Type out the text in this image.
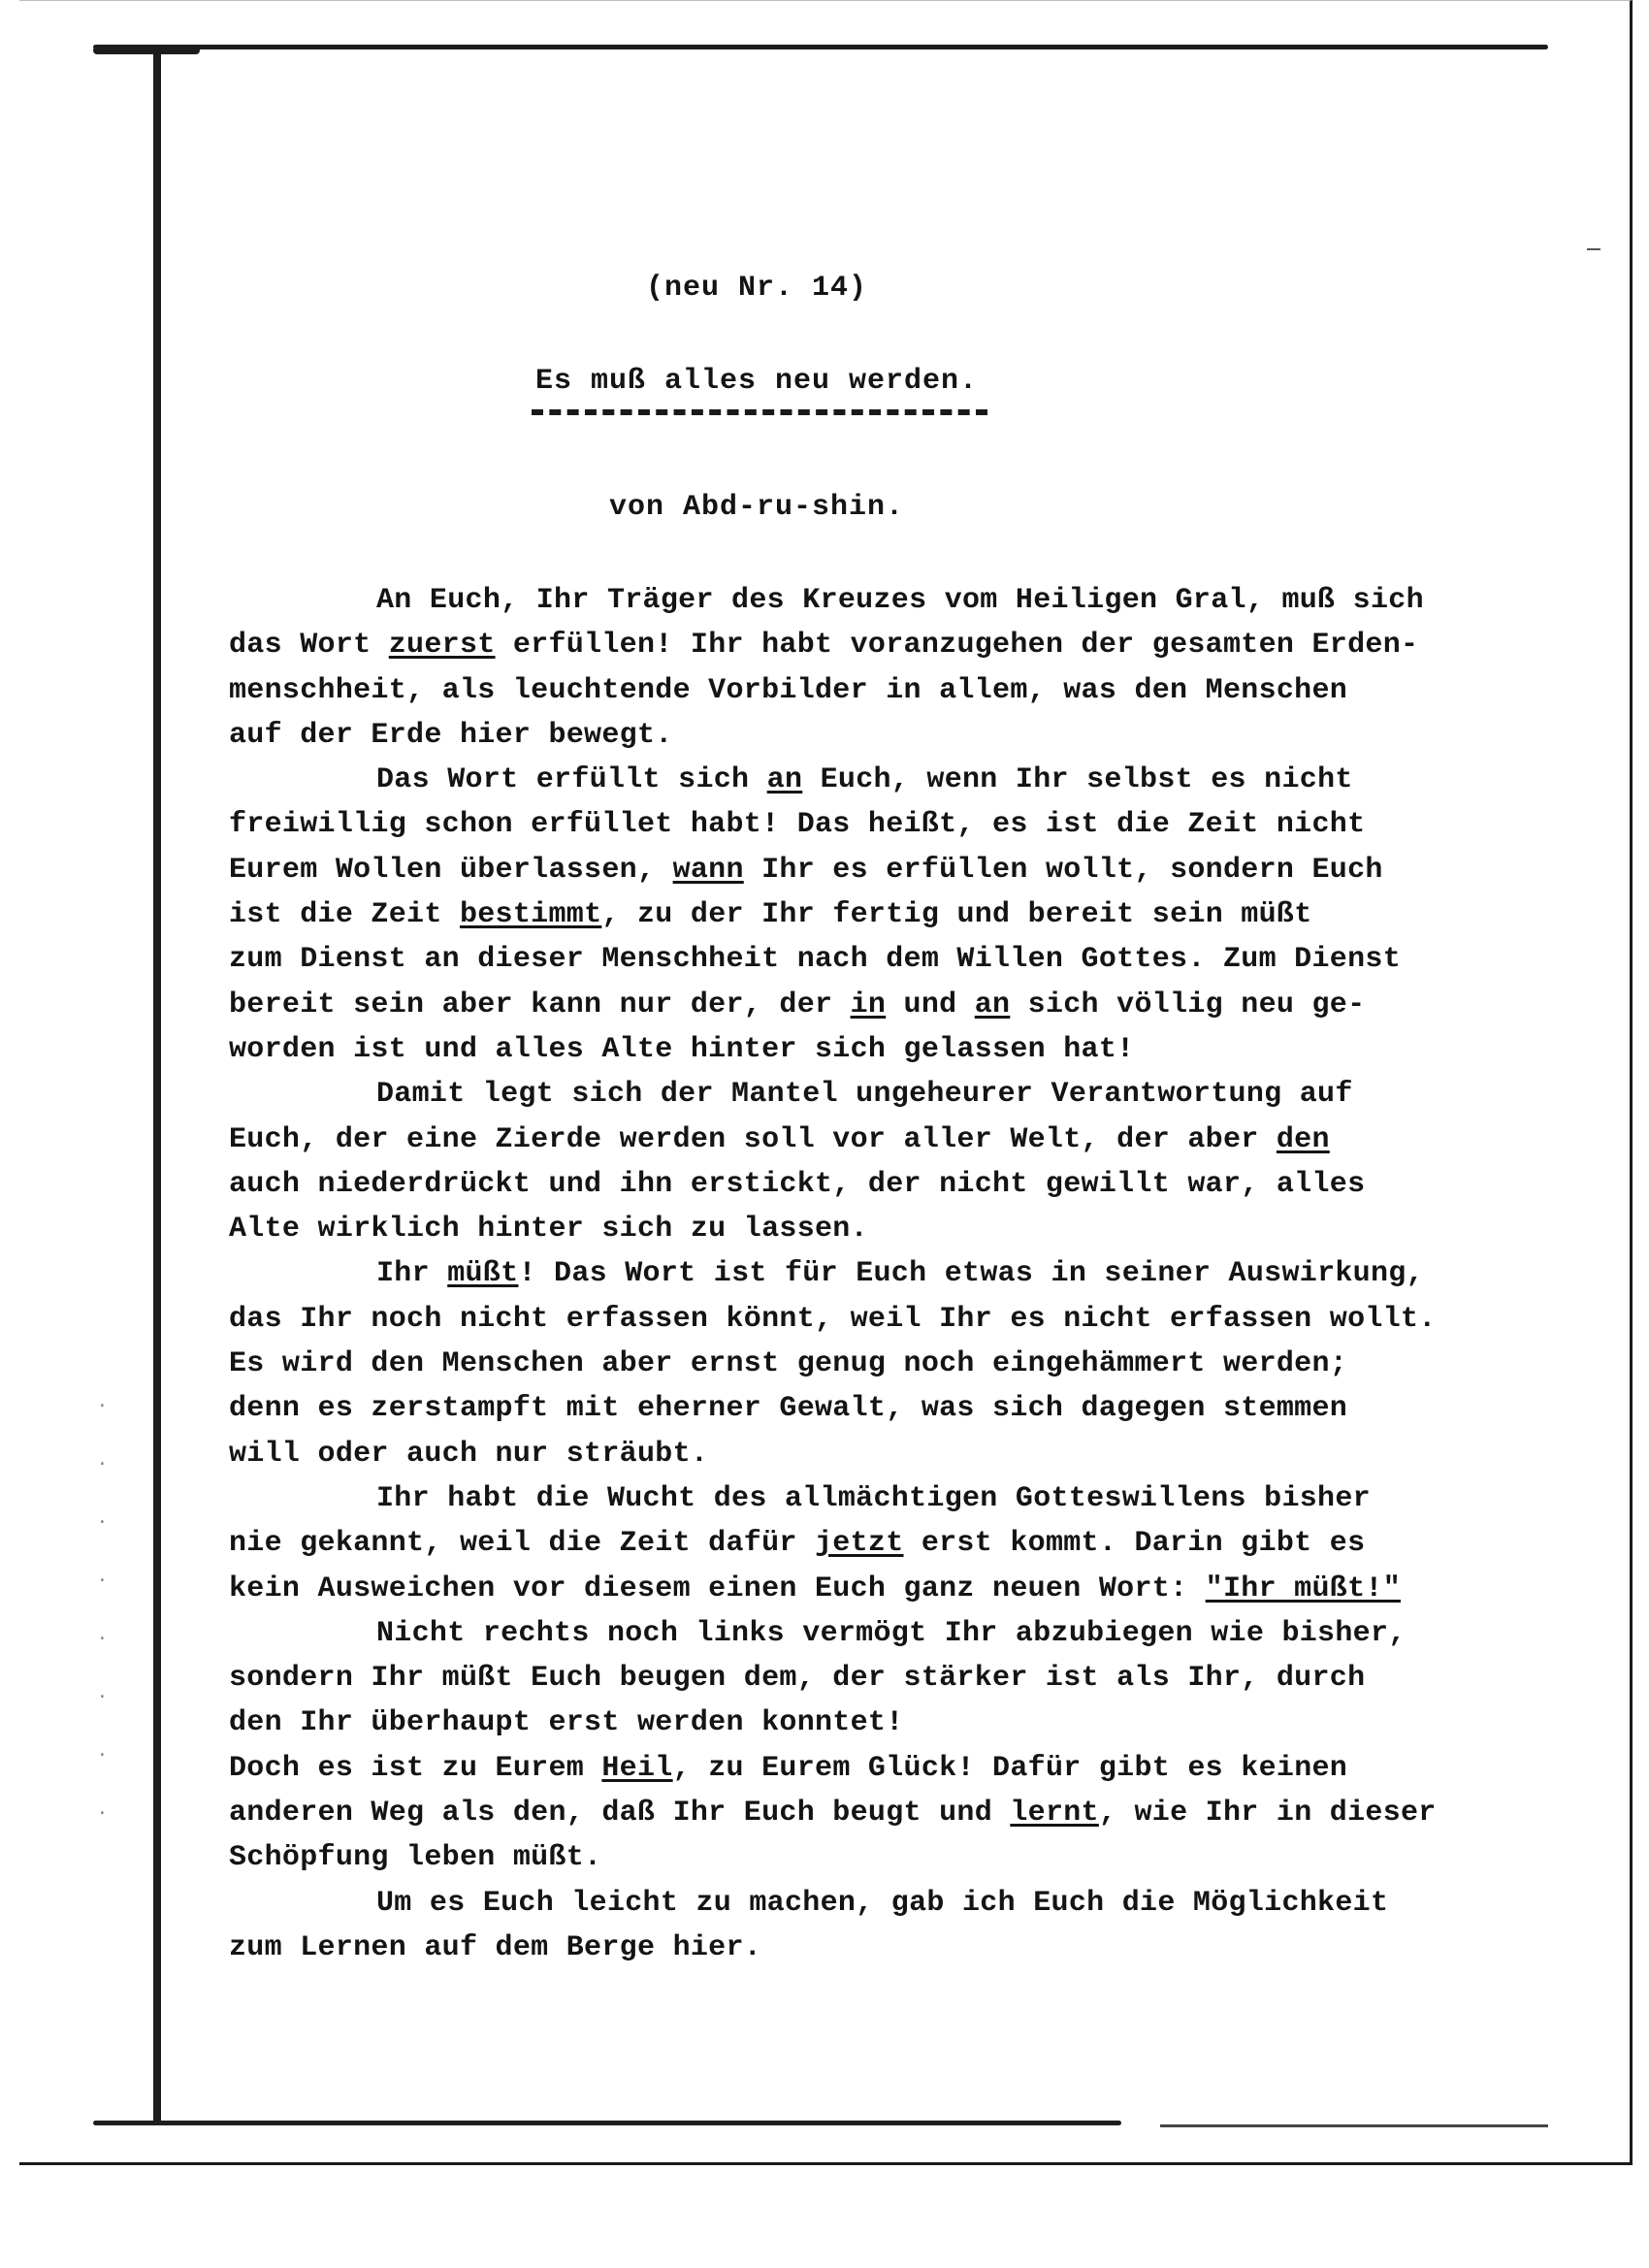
·
·
·
·
·
·
·
·
(neu Nr. 14)
Es muß alles neu werden.
von Abd-ru-shin.
An Euch, Ihr Träger des Kreuzes vom Heiligen Gral, muß sich
das Wort zuerst erfüllen! Ihr habt voranzugehen der gesamten Erden-
menschheit, als leuchtende Vorbilder in allem, was den Menschen
auf der Erde hier bewegt.
Das Wort erfüllt sich an Euch, wenn Ihr selbst es nicht
freiwillig schon erfüllet habt! Das heißt, es ist die Zeit nicht
Eurem Wollen überlassen, wann Ihr es erfüllen wollt, sondern Euch
ist die Zeit bestimmt, zu der Ihr fertig und bereit sein müßt
zum Dienst an dieser Menschheit nach dem Willen Gottes. Zum Dienst
bereit sein aber kann nur der, der in und an sich völlig neu ge-
worden ist und alles Alte hinter sich gelassen hat!
Damit legt sich der Mantel ungeheurer Verantwortung auf
Euch, der eine Zierde werden soll vor aller Welt, der aber den
auch niederdrückt und ihn erstickt, der nicht gewillt war, alles
Alte wirklich hinter sich zu lassen.
Ihr müßt! Das Wort ist für Euch etwas in seiner Auswirkung,
das Ihr noch nicht erfassen könnt, weil Ihr es nicht erfassen wollt.
Es wird den Menschen aber ernst genug noch eingehämmert werden;
denn es zerstampft mit eherner Gewalt, was sich dagegen stemmen
will oder auch nur sträubt.
Ihr habt die Wucht des allmächtigen Gotteswillens bisher
nie gekannt, weil die Zeit dafür jetzt erst kommt. Darin gibt es
kein Ausweichen vor diesem einen Euch ganz neuen Wort: "Ihr müßt!"
Nicht rechts noch links vermögt Ihr abzubiegen wie bisher,
sondern Ihr müßt Euch beugen dem, der stärker ist als Ihr, durch
den Ihr überhaupt erst werden konntet!
Doch es ist zu Eurem Heil, zu Eurem Glück! Dafür gibt es keinen
anderen Weg als den, daß Ihr Euch beugt und lernt, wie Ihr in dieser
Schöpfung leben müßt.
Um es Euch leicht zu machen, gab ich Euch die Möglichkeit
zum Lernen auf dem Berge hier.
